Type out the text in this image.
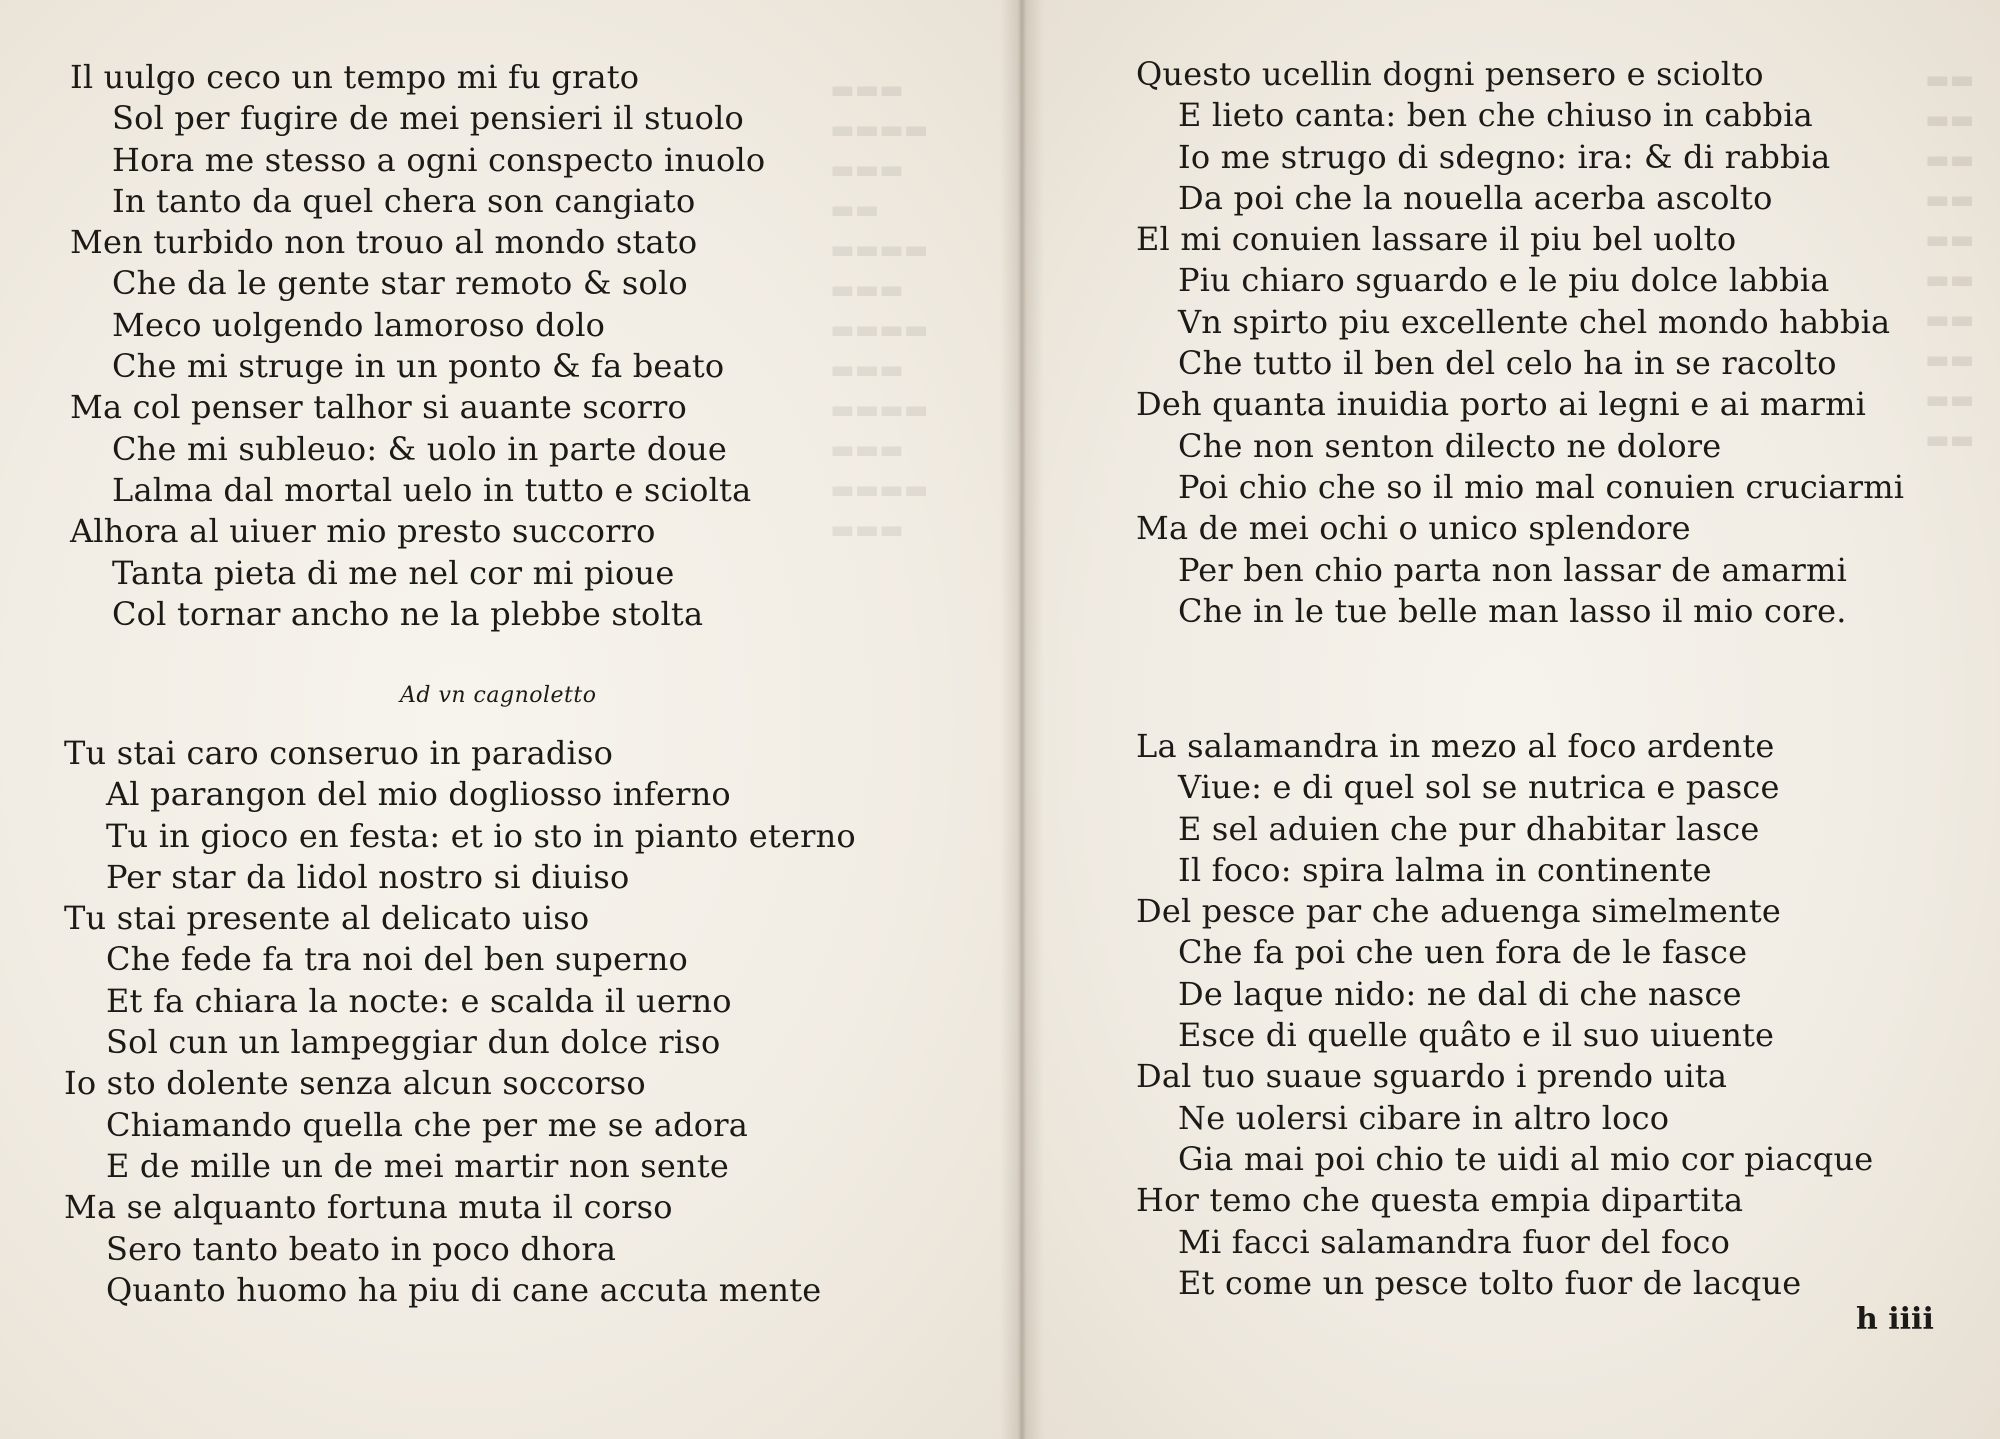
▬▬▬
▬▬▬▬
▬▬▬
▬▬
▬▬▬▬
▬▬▬
▬▬▬▬
▬▬▬
▬▬▬▬
▬▬▬
▬▬▬▬
▬▬▬
▬▬
▬▬
▬▬
▬▬
▬▬
▬▬
▬▬
▬▬
▬▬
▬▬
Il uulgo ceco un tempo mi fu grato
Sol per fugire de mei pensieri il stuolo
Hora me stesso a ogni conspecto inuolo
In tanto da quel chera son cangiato
Men turbido non trouo al mondo stato
Che da le gente star remoto & solo
Meco uolgendo lamoroso dolo
Che mi struge in un ponto & fa beato
Ma col penser talhor si auante scorro
Che mi subleuo: & uolo in parte doue
Lalma dal mortal uelo in tutto e sciolta
Alhora al uiuer mio presto succorro
Tanta pieta di me nel cor mi pioue
Col tornar ancho ne la plebbe stolta
Ad vn cagnoletto
Tu stai caro conseruo in paradiso
Al parangon del mio dogliosso inferno
Tu in gioco en festa: et io sto in pianto eterno
Per star da lidol nostro si diuiso
Tu stai presente al delicato uiso
Che fede fa tra noi del ben superno
Et fa chiara la nocte: e scalda il uerno
Sol cun un lampeggiar dun dolce riso
Io sto dolente senza alcun soccorso
Chiamando quella che per me se adora
E de mille un de mei martir non sente
Ma se alquanto fortuna muta il corso
Sero tanto beato in poco dhora
Quanto huomo ha piu di cane accuta mente
Questo ucellin dogni pensero e sciolto
E lieto canta: ben che chiuso in cabbia
Io me strugo di sdegno: ira: & di rabbia
Da poi che la nouella acerba ascolto
El mi conuien lassare il piu bel uolto
Piu chiaro sguardo e le piu dolce labbia
Vn spirto piu excellente chel mondo habbia
Che tutto il ben del celo ha in se racolto
Deh quanta inuidia porto ai legni e ai marmi
Che non senton dilecto ne dolore
Poi chio che so il mio mal conuien cruciarmi
Ma de mei ochi o unico splendore
Per ben chio parta non lassar de amarmi
Che in le tue belle man lasso il mio core.
La salamandra in mezo al foco ardente
Viue: e di quel sol se nutrica e pasce
E sel aduien che pur dhabitar lasce
Il foco: spira lalma in continente
Del pesce par che aduenga simelmente
Che fa poi che uen fora de le fasce
De laque nido: ne dal di che nasce
Esce di quelle quâto e il suo uiuente
Dal tuo suaue sguardo i prendo uita
Ne uolersi cibare in altro loco
Gia mai poi chio te uidi al mio cor piacque
Hor temo che questa empia dipartita
Mi facci salamandra fuor del foco
Et come un pesce tolto fuor de lacque
h iiii
